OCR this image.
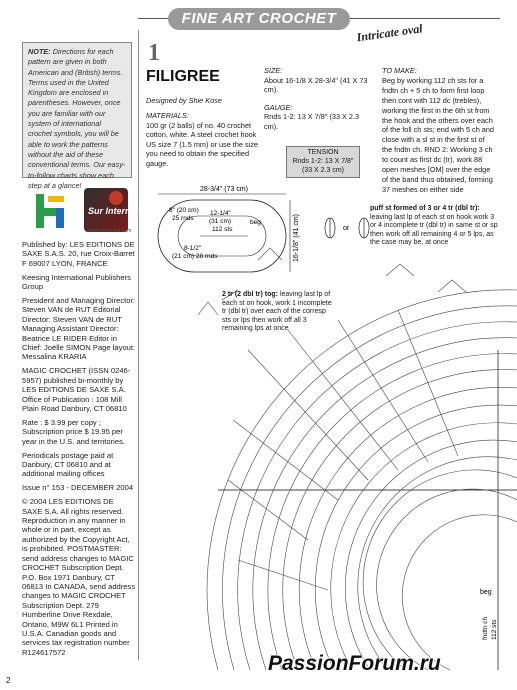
FINE ART CROCHET
Intricate oval
NOTE: Directions for each pattern are given in both American and (British) terms. Terms used in the United Kingdom are enclosed in parentheses. However, once you are familiar with our system of international crochet symbols, you will be able to work the patterns without the aid of these conventional terms. Our easy-to-follow charts show each step at a glance!
Sur Internet
www.mcrochet.com

Published by: LES EDITIONS DE SAXE S.A.S. 20, rue Croix-Barret F 69007 LYON, FRANCE

Keesing International Publishers Group

President and Managing Director: Steven VAN de RUT Editorial Director: Steven VAN de RUT Managing Assistant Director: Beatrice LE RIDER Editor in Chief: Joëlle SIMON Page layout: Messalina KRARIA

MAGIC CROCHET (ISSN 0246-5957) published bi-monthly by LES EDITIONS DE SAXE S.A. Office of Publication : 108 Mill Plain Road Danbury, CT 06810

Rate : $ 3.99 per copy ; Subscription price $ 19.95 per year in the U.S. and territories.

Periodicals postage paid at Danbury, CT 06810 and at additional mailing offices

Issue n° 153 - DECEMBER 2004

© 2004 LES EDITIONS DE SAXE S.A. All rights reserved. Reproduction in any manner in whole or in part, except as authorized by the Copyright Act, is prohibited. POSTMASTER: send address changes to MAGIC CROCHET Subscription Dept. P.O. Box 1971 Danbury, CT 06813 In CANADA, send address changes to MAGIC CROCHET Subscription Dept. 279 Humberline Drive Rexdale, Ontario, M9W 6L1 Printed in U.S.A. Canadian goods and services tax registration number R124617572

1
FILIGREE
Designed by Shie Kose
MATERIALS:
100 gr (2 balls) of no. 40 crochet cotton, white. A steel crochet hook US size 7 (1.5 mm) or use the size you need to obtain the specified gauge.
SIZE:
About 16-1/8 X 28-3/4" (41 X 73 cm).
GAUGE:
Rnds 1-2: 13 X 7/8" (33 X 2.3 cm).
TENSION
Rnds 1-2: 13 X 7/8"
(33 X 2.3 cm)
TO MAKE:
Beg by working 112 ch sts for a fndtn ch + 5 ch to form first loop then cont with 112 dc (trebles), working the first in the 6th st from the hook and the others over each of the foll ch sts; end with 5 ch and close with a sl st in the first st of the fndtn ch. RND 2: Working 3 ch to count as first dc (tr), work 88 open meshes [OM] over the edge of the band thus obtained, forming 37 meshes on either side
28-3/4" (73 cm)
16-1/8" (41 cm)
8" (20 cm)
25 rnds
12-1/4"
(31 cm)
112 sts
beg
8-1/2"
(21 cm) 28 rnds
or
beg
fndtn ch 112 sts
puff st formed of 3 or 4 tr (dbl tr):
leaving last lp of each st on hook work 3 or 4 incomplete tr (dbl tr) in same st or sp then work off all remaining 4 or 5 lps, as the case may be, at once
2 tr (2 dbl tr) tog: leaving last lp of each st on hook, work 1 incomplete tr (dbl tr) over each of the corresp sts or lps then work off all 3 remaining lps at once
PassionForum.ru
2
